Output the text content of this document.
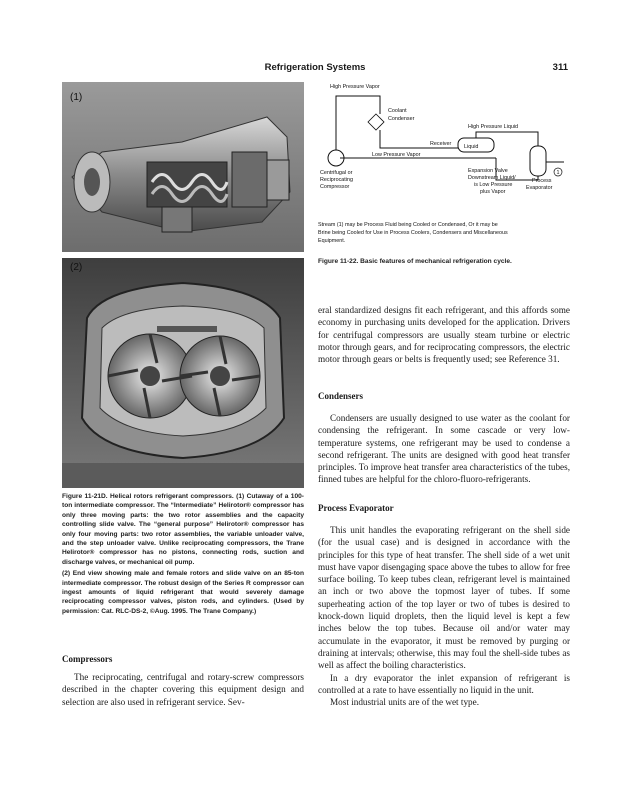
Refrigeration Systems	311
(1)
(2)
High Pressure Vapor
Coolant
Condenser
Receiver Liquid
High Pressure Liquid
Low Pressure Vapor
Centrifugal or
Reciprocating
Compressor
Expansion Valve
Downstream Liquid/
is Low Pressure
plus Vapor
Process
Evaporator
1
Stream (1) may be Process Fluid being Cooled or Condensed, Or it may be
Brine being Cooled for Use in Process Coolers, Condensers and Miscellaneous
Equipment.
Figure 11-22. Basic features of mechanical refrigeration cycle.

Figure 11-21D. Helical rotors refrigerant compressors. (1) Cutaway of a 100-ton intermediate compressor. The “Intermediate” Helirotor® compressor has only three moving parts: the two rotor assemblies and the capacity controlling slide valve. The “general purpose” Helirotor® compressor has only four moving parts: two rotor assemblies, the variable unloader valve, and the step unloader valve. Unlike reciprocating compressors, the Trane Helirotor® compressor has no pistons, connecting rods, suction and discharge valves, or mechanical oil pump.

(2) End view showing male and female rotors and slide valve on an 85-ton intermediate compressor. The robust design of the Series R compressor can ingest amounts of liquid refrigerant that would severely damage reciprocating compressor valves, piston rods, and cylinders. (Used by permission: Cat. RLC-DS-2, ©Aug. 1995. The Trane Company.)

Compressors

The reciprocating, centrifugal and rotary-screw compressors described in the chapter covering this equipment design and selection are also used in refrigerant service. Sev-

eral standardized designs fit each refrigerant, and this affords some economy in purchasing units developed for the application. Drivers for centrifugal compressors are usually steam turbine or electric motor through gears, and for reciprocating compressors, the electric motor through gears or belts is frequently used; see Reference 31.

Condensers

Condensers are usually designed to use water as the coolant for condensing the refrigerant. In some cascade or very low-temperature systems, one refrigerant may be used to condense a second refrigerant. The units are designed with good heat transfer principles. To improve heat transfer area characteristics of the tubes, finned tubes are helpful for the chloro-fluoro-refrigerants.

Process Evaporator

This unit handles the evaporating refrigerant on the shell side (for the usual case) and is designed in accordance with the principles for this type of heat transfer. The shell side of a wet unit must have vapor disengaging space above the tubes to allow for free surface boiling. To keep tubes clean, refrigerant level is maintained an inch or two above the topmost layer of tubes. If some superheating action of the top layer or two of tubes is desired to knock-down liquid droplets, then the liquid level is kept a few inches below the top tubes. Because oil and/or water may accumulate in the evaporator, it must be removed by purging or draining at intervals; otherwise, this may foul the shell-side tubes as well as affect the boiling characteristics.

In a dry evaporator the inlet expansion of refrigerant is controlled at a rate to have essentially no liquid in the unit.

Most industrial units are of the wet type.
